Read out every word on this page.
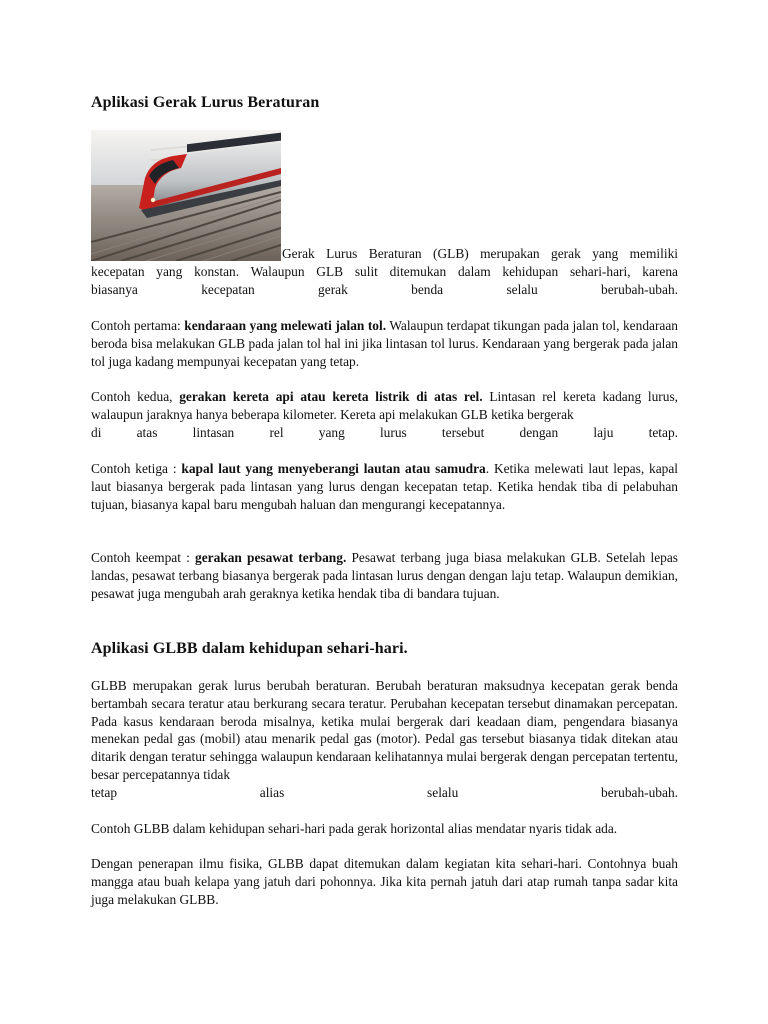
Aplikasi Gerak Lurus Beraturan
Gerak Lurus Beraturan (GLB) merupakan gerak yang memiliki
kecepatan yang konstan. Walaupun GLB sulit ditemukan dalam kehidupan sehari-hari, karena
biasanya kecepatan gerak benda selalu berubah-ubah.
Contoh pertama: kendaraan yang melewati jalan tol. Walaupun terdapat tikungan pada jalan tol, kendaraan beroda bisa melakukan GLB pada jalan tol hal ini jika lintasan tol lurus. Kendaraan yang bergerak pada jalan tol juga kadang mempunyai kecepatan yang tetap.
Contoh kedua, gerakan kereta api atau kereta listrik di atas rel. Lintasan rel kereta kadang lurus, walaupun jaraknya hanya beberapa kilometer. Kereta api melakukan GLB ketika bergerak
di atas lintasan rel yang lurus tersebut dengan laju tetap.
Contoh ketiga : kapal laut yang menyeberangi lautan atau samudra. Ketika melewati laut lepas, kapal laut biasanya bergerak pada lintasan yang lurus dengan kecepatan tetap. Ketika hendak tiba di pelabuhan tujuan, biasanya kapal baru mengubah haluan dan mengurangi kecepatannya.
Contoh keempat : gerakan pesawat terbang. Pesawat terbang juga biasa melakukan GLB. Setelah lepas landas, pesawat terbang biasanya bergerak pada lintasan lurus dengan dengan laju tetap. Walaupun demikian, pesawat juga mengubah arah geraknya ketika hendak tiba di bandara tujuan.
Aplikasi GLBB dalam kehidupan sehari-hari.
GLBB merupakan gerak lurus berubah beraturan. Berubah beraturan maksudnya kecepatan gerak benda bertambah secara teratur atau berkurang secara teratur. Perubahan kecepatan tersebut dinamakan percepatan. Pada kasus kendaraan beroda misalnya, ketika mulai bergerak dari keadaan diam, pengendara biasanya menekan pedal gas (mobil) atau menarik pedal gas (motor). Pedal gas tersebut biasanya tidak ditekan atau ditarik dengan teratur sehingga walaupun kendaraan kelihatannya mulai bergerak dengan percepatan tertentu, besar percepatannya tidak
tetap alias selalu berubah-ubah.
Contoh GLBB dalam kehidupan sehari-hari pada gerak horizontal alias mendatar nyaris tidak ada.
Dengan penerapan ilmu fisika, GLBB dapat ditemukan dalam kegiatan kita sehari-hari. Contohnya buah mangga atau buah kelapa yang jatuh dari pohonnya. Jika kita pernah jatuh dari atap rumah tanpa sadar kita juga melakukan GLBB.
